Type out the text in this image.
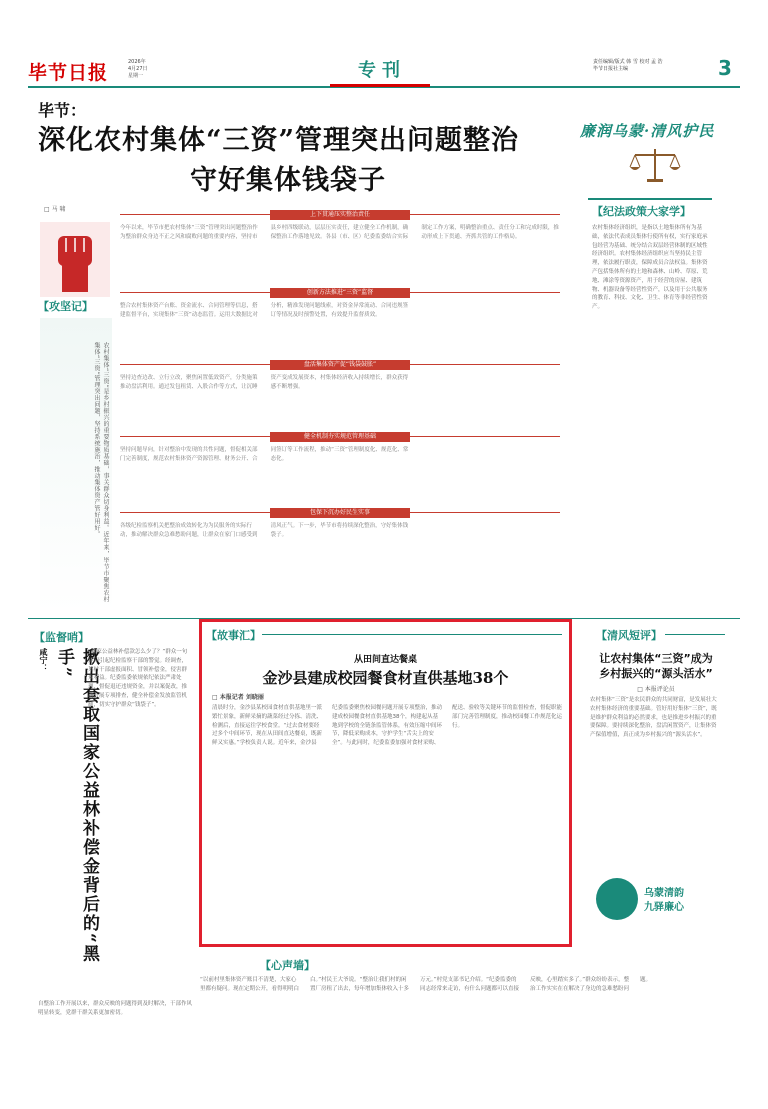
毕节日报	2026年
4月27日
星期一	专刊	责任编辑/版式 韩 雪 校对 孟 浩
毕节日报社主编	3
毕节：
深化农村集体“三资”管理突出问题整治
守好集体钱袋子
□ 马 啸
廉润乌蒙·清风护民
【攻坚记】
农村集体“三资”是乡村振兴的重要物质基础，事关群众切身利益。近年来，毕节市聚焦农村集体“三资”管理突出问题，坚持系统施治，推动集体资产管好用好。
上下贯通压实整治责任
今年以来，毕节市把农村集体“三资”管理突出问题整治作为整治群众身边不正之风和腐败问题的重要内容，坚持市县乡村四级联动，层层压实责任，建立健全工作机制，确保整治工作落地见效。各县（市、区）纪委监委结合实际制定工作方案，明确整治重点、责任分工和完成时限，推动形成上下贯通、齐抓共管的工作格局。
创新方法推进“三资”监督
整合农村集体资产台账、资金流水、合同管理等信息，搭建监督平台，实现集体“三资”动态监管。运用大数据比对分析，精准发现问题线索，对资金异常流动、合同违规签订等情况及时预警处置，有效提升监督质效。
盘活集体资产促“钱袋鼓胀”
坚持边查边改、立行立改，聚焦闲置低效资产，分类施策推动盘活利用。通过发包租赁、入股合作等方式，让沉睡资产变成发展资本，村集体经济收入持续增长，群众获得感不断增强。
健全机制夯实规范管理基础
坚持问题导向，针对整治中发现的共性问题，督促相关部门完善制度，规范农村集体资产资源管理、财务公开、合同签订等工作流程，推动“三资”管理制度化、规范化、常态化。
包保下沉办好民生实事
各级纪检监察机关把整治成效转化为为民服务的实际行动，推动解决群众急难愁盼问题，让群众在家门口感受到清风正气。下一步，毕节市将持续深化整治，守好集体钱袋子。
【纪法政策大家学】
农村集体经济组织，是指以土地集体所有为基础，依法代表成员集体行使所有权，实行家庭承包经营为基础、统分结合双层经营体制的区域性经济组织。农村集体经济组织应当坚持民主管理，依法履行职责，保障成员合法权益。集体资产包括集体所有的土地和森林、山岭、草原、荒地、滩涂等资源资产，用于经营的房屋、建筑物、机器设备等经营性资产，以及用于公共服务的教育、科技、文化、卫生、体育等非经营性资产。
【监督哨】
咸宁：	揪出套取国家公益林补偿金背后的“黑手”	“我家公益林补偿款怎么少了？”群众一句疑问引起纪检监察干部的警觉。经调查，某村干部虚报面积、冒领补偿金，侵害群众利益。纪委监委依规依纪依法严肃处理，督促退还违规资金，并以案促改，推动开展专项排查，健全补偿金发放监管机制，切实守护群众“钱袋子”。
【故事汇】
从田间直达餐桌
金沙县建成校园餐食材直供基地38个
□ 本报记者 刘晓丽
清晨时分，金沙县某校园食材直供基地里一派繁忙景象，新鲜采摘的蔬菜经过分拣、清洗、检测后，直接运往学校食堂。“过去食材要经过多个中间环节，现在从田间直达餐桌，既新鲜又实惠。”学校负责人说。近年来，金沙县纪委监委聚焦校园餐问题开展专项整治，推动建成校园餐食材直供基地38个，构建起从基地到学校的全链条监管体系，有效压缩中间环节，降低采购成本，守护学生“舌尖上的安全”。与此同时，纪委监委加强对食材采购、配送、验收等关键环节的监督检查，督促职能部门完善管理制度，推动校园餐工作规范化运行。
【清风短评】
让农村集体“三资”成为
乡村振兴的“源头活水”
□ 本报评论员
农村集体“三资”是农民群众的共同财富，是发展壮大农村集体经济的重要基础。管好用好集体“三资”，既是维护群众利益的必然要求，也是推进乡村振兴的重要保障。要持续深化整治，盘活闲置资产，让集体资产保值增值，真正成为乡村振兴的“源头活水”。
乌蒙清韵
九驿廉心
【心声墙】
自整治工作开展以来，群众反映的问题得到及时解决，干部作风明显转变，党群干群关系更加密切。
“以前村里集体资产账目不清楚，大家心里都有疑问。现在定期公开，看得明明白白。”村民王大爷说。“整治让我们村的闲置厂房租了出去，每年增加集体收入十多万元。”村党支部书记介绍。“纪委监委的同志经常来走访，有什么问题都可以直接反映，心里踏实多了。”群众纷纷表示，整治工作实实在在解决了身边的急难愁盼问题。
